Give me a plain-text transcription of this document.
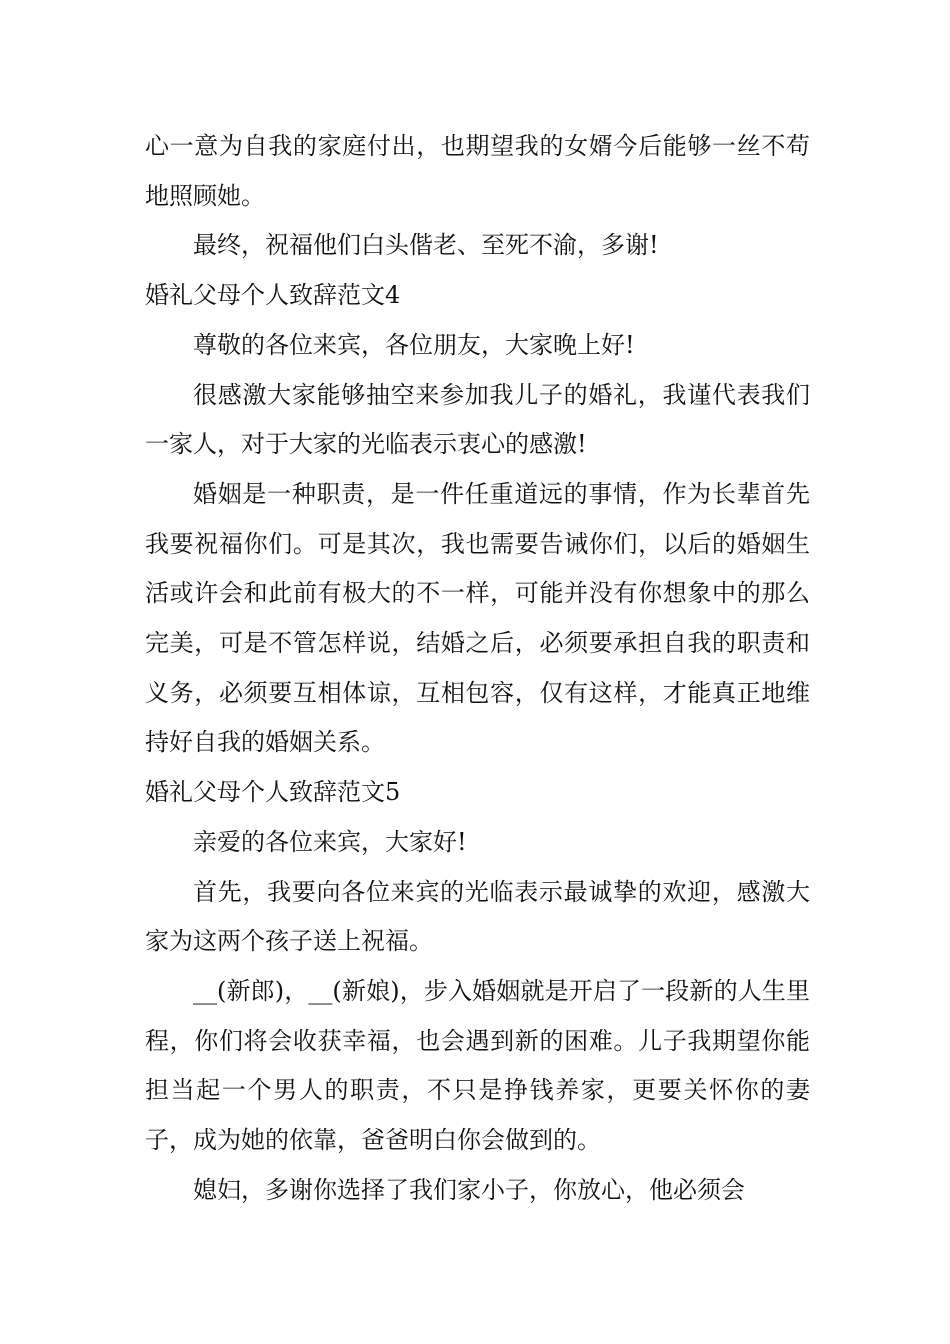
心一意为自我的家庭付出，也期望我的女婿今后能够一丝不苟地照顾她。

最终，祝福他们白头偕老、至死不渝，多谢!

婚礼父母个人致辞范文4

尊敬的各位来宾，各位朋友，大家晚上好!

很感激大家能够抽空来参加我儿子的婚礼，我谨代表我们一家人，对于大家的光临表示衷心的感激!

婚姻是一种职责，是一件任重道远的事情，作为长辈首先我要祝福你们。可是其次，我也需要告诫你们，以后的婚姻生活或许会和此前有极大的不一样，可能并没有你想象中的那么完美，可是不管怎样说，结婚之后，必须要承担自我的职责和义务，必须要互相体谅，互相包容，仅有这样，才能真正地维持好自我的婚姻关系。

婚礼父母个人致辞范文5

亲爱的各位来宾，大家好!

首先，我要向各位来宾的光临表示最诚挚的欢迎，感激大家为这两个孩子送上祝福。

__(新郎)，__(新娘)，步入婚姻就是开启了一段新的人生里程，你们将会收获幸福，也会遇到新的困难。儿子我期望你能担当起一个男人的职责，不只是挣钱养家，更要关怀你的妻子，成为她的依靠，爸爸明白你会做到的。

媳妇，多谢你选择了我们家小子，你放心，他必须会
